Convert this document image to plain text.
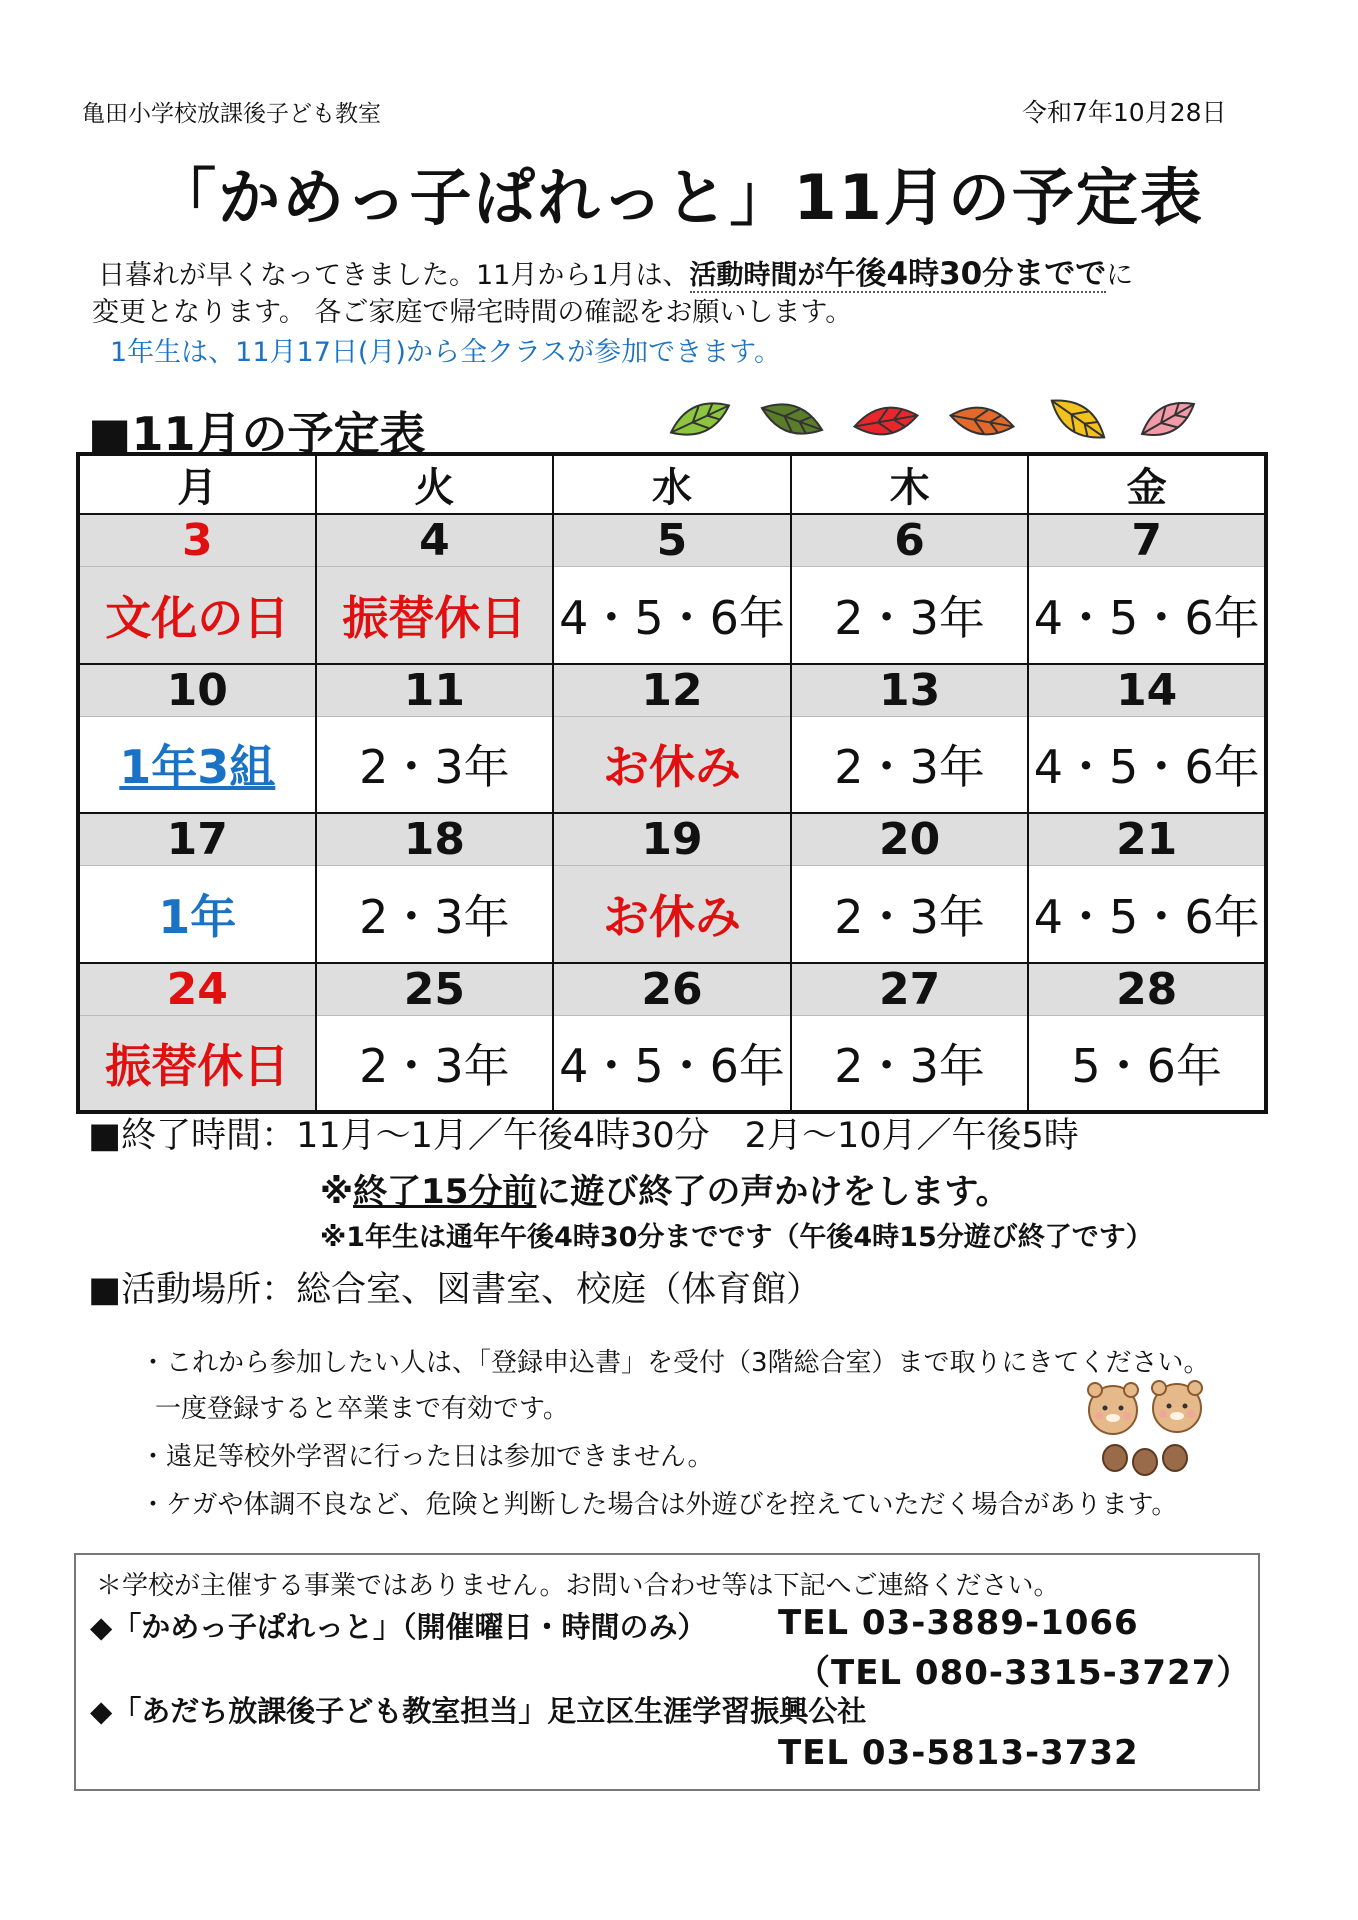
亀田小学校放課後子ども教室	令和7年10月28日
「かめっ子ぱれっと」11月の予定表
日暮れが早くなってきました。11月から1月は、活動時間が午後4時30分まででに
変更となります。 各ご家庭で帰宅時間の確認をお願いします。
1年生は、11月17日(月)から全クラスが参加できます。
■11月の予定表
月	火	水	木	金
3	4	5	6	7
文化の日	振替休日	4・5・6年	2・3年	4・5・6年
10	11	12	13	14
1年3組	2・3年	お休み	2・3年	4・5・6年
17	18	19	20	21
1年	2・3年	お休み	2・3年	4・5・6年
24	25	26	27	28
振替休日	2・3年	4・5・6年	2・3年	5・6年
■終了時間：11月～1月／午後4時30分　2月～10月／午後5時
※終了15分前に遊び終了の声かけをします。
※1年生は通年午後4時30分までです（午後4時15分遊び終了です）
■活動場所：総合室、図書室、校庭（体育館）
・これから参加したい人は、「登録申込書」を受付（3階総合室）まで取りにきてください。
一度登録すると卒業まで有効です。
・遠足等校外学習に行った日は参加できません。
・ケガや体調不良など、危険と判断した場合は外遊びを控えていただく場合があります。
＊学校が主催する事業ではありません。お問い合わせ等は下記へご連絡ください。
◆「かめっ子ぱれっと」（開催曜日・時間のみ） TEL 03-3889-1066
（TEL 080-3315-3727）
◆「あだち放課後子ども教室担当」足立区生涯学習振興公社
TEL 03-5813-3732
